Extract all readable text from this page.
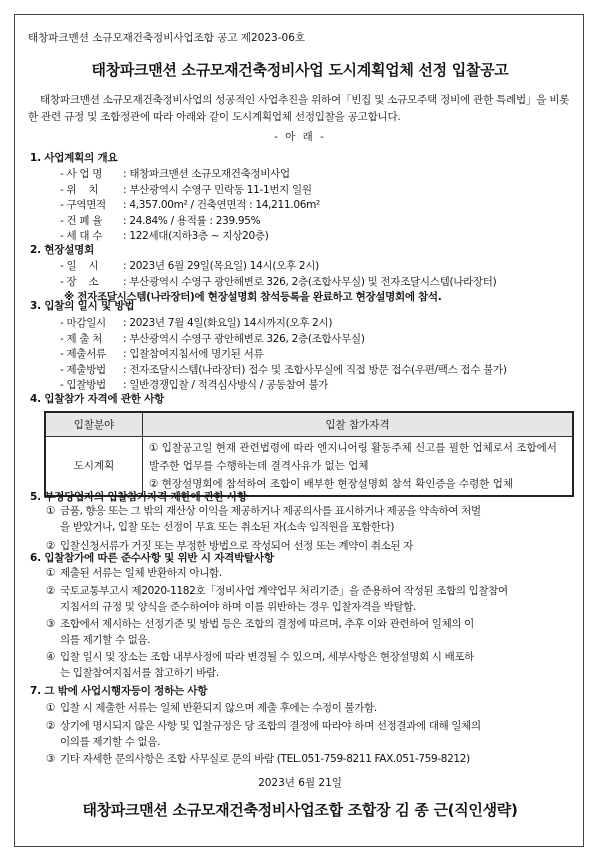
태창파크맨션 소규모재건축정비사업조합 공고 제2023-06호
태창파크맨션 소규모재건축정비사업 도시계획업체 선정 입찰공고
태창파크맨션 소규모재건축정비사업의 성공적인 사업추진을 위하여「빈집 및 소규모주택 정비에 관한 특례법」을 비롯한 관련 규정 및 조합정관에 따라 아래와 같이 도시계획업체 선정입찰을 공고합니다.
- 아 래 -
1. 사업계획의 개요
- 사 업 명 : 태창파크맨션 소규모재건축정비사업
- 위    치 : 부산광역시 수영구 민락동 11-1번지 일원
- 구역면적 : 4,357.00m² / 건축연면적 : 14,211.06m²
- 건 폐 율 : 24.84% / 용적률 : 239.95%
- 세 대 수 : 122세대(지하3층 ~ 지상20층)
2. 현장설명회
- 일    시 : 2023년 6월 29일(목요일) 14시(오후 2시)
- 장    소 : 부산광역시 수영구 광안해변로 326, 2층(조합사무실) 및 전자조달시스템(나라장터)
※ 전자조달시스템(나라장터)에 현장설명회 참석등록을 완료하고 현장설명회에 참석.
3. 입찰의 일시 및 방법
- 마감일시 : 2023년 7월 4일(화요일) 14시까지(오후 2시)
- 제 출 처 : 부산광역시 수영구 광안해변로 326, 2층(조합사무실)
- 제출서류 : 입찰참여지침서에 명기된 서류
- 제출방법 : 전자조달시스템(나라장터) 접수 및 조합사무실에 직접 방문 접수(우편/팩스 접수 불가)
- 입찰방법 : 일반경쟁입찰 / 적격심사방식 / 공동참여 불가
4. 입찰참가 자격에 관한 사항
입찰분야	입찰 참가자격
도시계획	① 입찰공고일 현재 관련법령에 따라 엔지니어링 활동주체 신고를 필한 업체로서 조합에서 발주한 업무를 수행하는데 결격사유가 없는 업체
② 현장설명회에 참석하여 조합이 배부한 현장설명회 참석 확인증을 수령한 업체
5. 부정당업자의 입찰참가자격 제한에 관한 사항
① 금품, 향응 또는 그 밖의 재산상 이익을 제공하거나 제공의사를 표시하거나 제공을 약속하여 처벌
을 받았거나, 입찰 또는 선정이 무효 또는 취소된 자(소속 임직원을 포함한다)
② 입찰신청서류가 거짓 또는 부정한 방법으로 작성되어 선정 또는 계약이 취소된 자
6. 입찰참가에 따른 준수사항 및 위반 시 자격박탈사항
① 제출된 서류는 일체 반환하지 아니함.
② 국토교통부고시 제2020-1182호「정비사업 계약업무 처리기준」을 준용하여 작성된 조합의 입찰참여
지침서의 규정 및 양식을 준수하여야 하며 이를 위반하는 경우 입찰자격을 박탈함.
③ 조합에서 제시하는 선정기준 및 방법 등은 조합의 결정에 따르며, 추후 이와 관련하여 일체의 이
의를 제기할 수 없음.
④ 입찰 일시 및 장소는 조합 내부사정에 따라 변경될 수 있으며, 세부사항은 현장설명회 시 배포하
는 입찰참여지침서를 참고하기 바람.
2023년 6월 21일
태창파크맨션 소규모재건축정비사업조합 조합장 김 종 근(직인생략)
7. 그 밖에 사업시행자등이 정하는 사항
① 입찰 시 제출한 서류는 일체 반환되지 않으며 제출 후에는 수정이 불가함.
② 상기에 명시되지 않은 사항 및 입찰규정은 당 조합의 결정에 따라야 하며 선정결과에 대해 일체의
이의를 제기할 수 없음.
③ 기타 자세한 문의사항은 조합 사무실로 문의 바람 (TEL.051-759-8211 FAX.051-759-8212)
